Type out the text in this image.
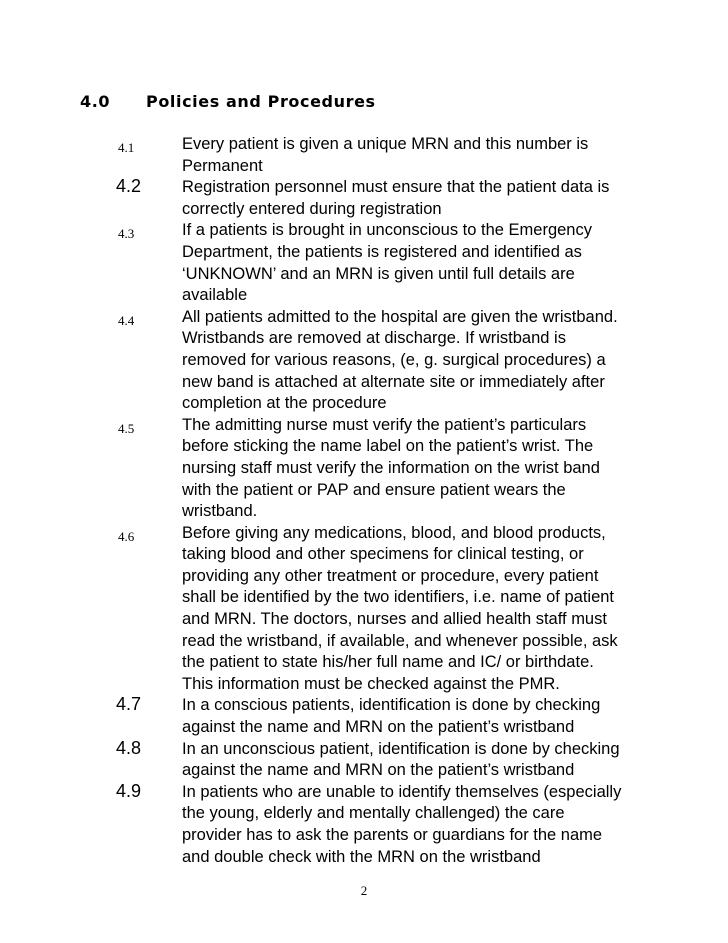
4.0 Policies and Procedures
4.1	Every patient is given a unique MRN and this number is
Permanent
4.2 Registration personnel must ensure that the patient data is
correctly entered during registration
4.3	If a patients is brought in unconscious to the Emergency
Department, the patients is registered and identified as
‘UNKNOWN’ and an MRN is given until full details are
available
4.4	All patients admitted to the hospital are given the wristband.
Wristbands are removed at discharge. If wristband is
removed for various reasons, (e, g. surgical procedures) a
new band is attached at alternate site or immediately after
completion at the procedure
4.5	The admitting nurse must verify the patient’s particulars
before sticking the name label on the patient’s wrist. The
nursing staff must verify the information on the wrist band
with the patient or PAP and ensure patient wears the
wristband.
4.6	Before giving any medications, blood, and blood products,
taking blood and other specimens for clinical testing, or
providing any other treatment or procedure, every patient
shall be identified by the two identifiers, i.e. name of patient
and MRN. The doctors, nurses and allied health staff must
read the wristband, if available, and whenever possible, ask
the patient to state his/her full name and IC/ or birthdate.
This information must be checked against the PMR.
4.7 In a conscious patients, identification is done by checking
against the name and MRN on the patient’s wristband
4.8 In an unconscious patient, identification is done by checking
against the name and MRN on the patient’s wristband
4.9 In patients who are unable to identify themselves (especially
the young, elderly and mentally challenged) the care
provider has to ask the parents or guardians for the name
and double check with the MRN on the wristband
2
